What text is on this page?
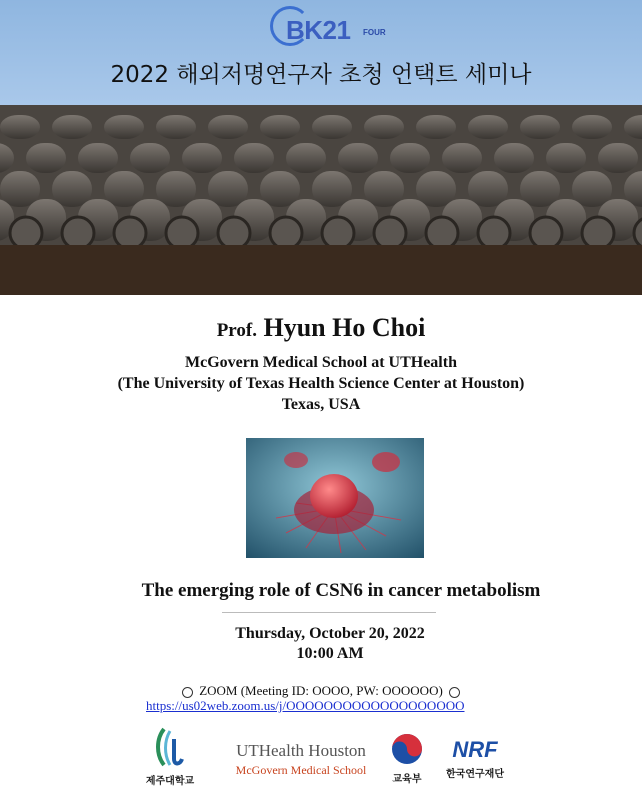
BK21 FOUR
2022 해외저명연구자 초청 언택트 세미나
Prof. Hyun Ho Choi
McGovern Medical School at UTHealth
(The University of Texas Health Science Center at Houston)
Texas, USA
The emerging role of CSN6 in cancer metabolism
Thursday, October 20, 2022
10:00 AM
ZOOM (Meeting ID: OOOO, PW: OOOOOO)
https://us02web.zoom.us/j/OOOOOOOOOOOOOOOOOOO
제주대학교
UTHealth Houston
McGovern Medical School
교육부
NRF
한국연구재단
